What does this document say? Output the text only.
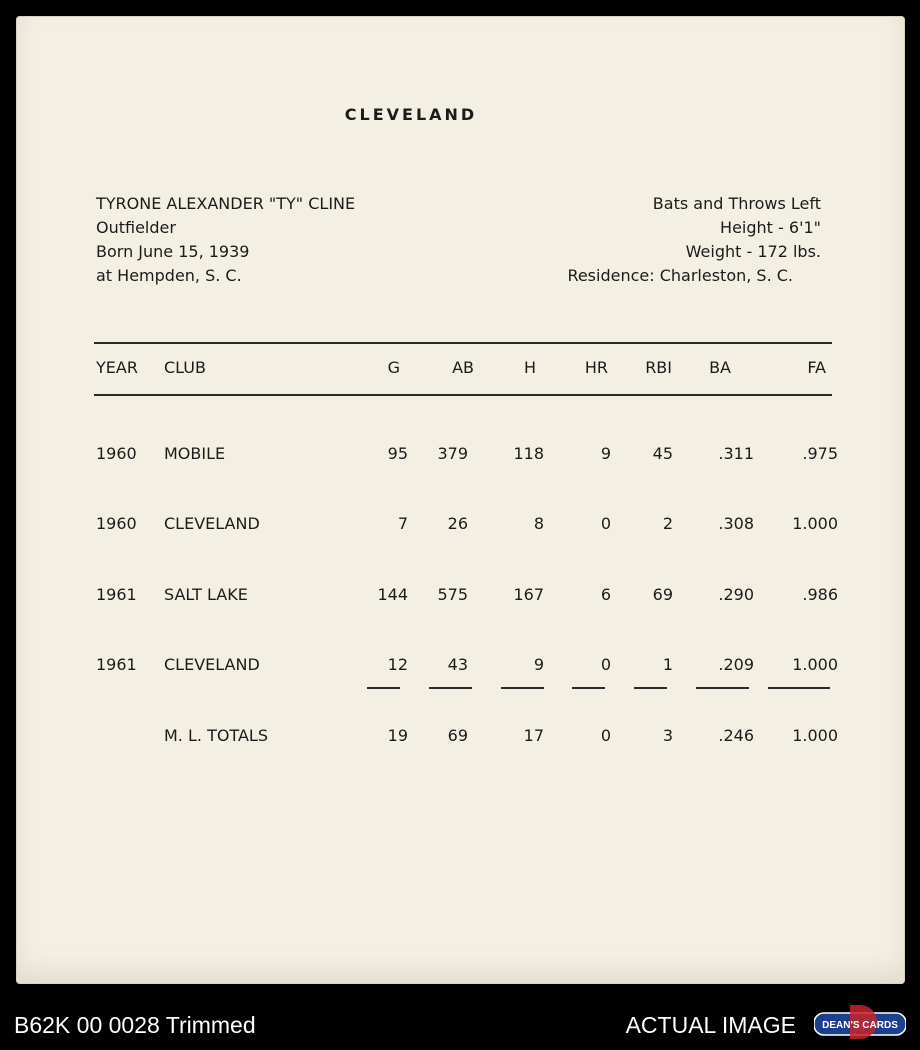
CLEVELAND
TYRONE ALEXANDER "TY" CLINE
Outfielder
Born June 15, 1939
at Hempden, S. C.
Bats and Throws Left
Height - 6'1"
Weight - 172 lbs.
Residence: Charleston, S. C.
YEAR CLUB	G	AB	H	HR RBI BA	FA
1960 MOBILE	95 379	118	9	45	.311	.975
1960 CLEVELAND	7 26	8	0	2	.308 1.000
1961 SALT LAKE	144 575	167	6	69	.290	.986
1961 CLEVELAND	12 43	9	0	1	.209 1.000
M. L. TOTALS	19 69	17	0	3	.246 1.000
B62K 00 0028 Trimmed	ACTUAL IMAGE	DEAN'S CARDS
